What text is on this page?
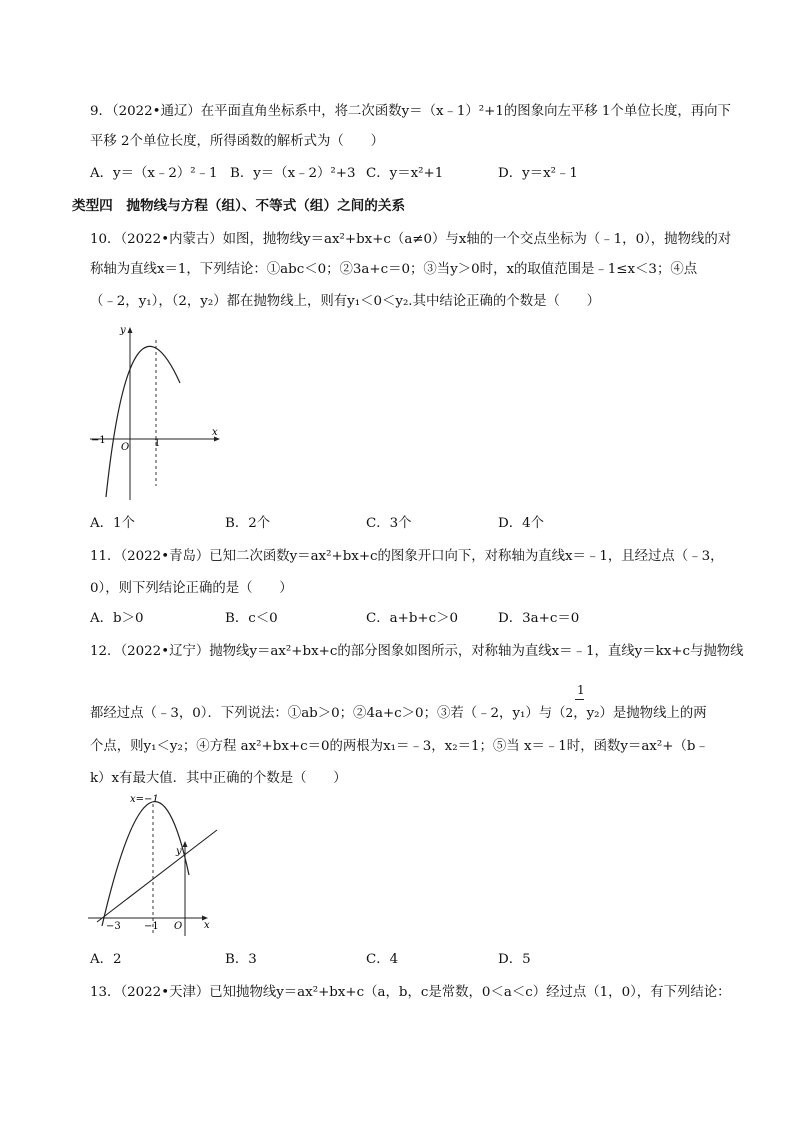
9．（2022•通辽）在平面直角坐标系中，将二次函数y＝（x﹣1）²+1的图象向左平移 1个单位长度，再向下
平移 2个单位长度，所得函数的解析式为（　　）
A．y＝（x﹣2）²﹣1 B．y＝（x﹣2）²+3 C．y＝x²+1	D．y＝x²﹣1
类型四　抛物线与方程（组）、不等式（组）之间的关系
10．（2022•内蒙古）如图，抛物线y＝ax²+bx+c（a≠0）与x轴的一个交点坐标为（﹣1，0），抛物线的对
称轴为直线x＝1，下列结论：①abc＜0；②3a+c＝0；③当y＞0时，x的取值范围是﹣1≤x＜3；④点
（﹣2，y₁），（2，y₂）都在抛物线上，则有y₁＜0＜y₂.其中结论正确的个数是（　　）
y
x
O
−1	1
A．1个	B．2个	C．3个	D．4个
11．（2022•青岛）已知二次函数y＝ax²+bx+c的图象开口向下，对称轴为直线x＝﹣1，且经过点（﹣3，
0），则下列结论正确的是（　　）
A．b＞0	B．c＜0	C．a+b+c＞0	D．3a+c＝0
12．（2022•辽宁）抛物线y＝ax²+bx+c的部分图象如图所示，对称轴为直线x＝﹣1，直线y＝kx+c与抛物线
1
都经过点（﹣3，0）．下列说法：①ab＞0；②4a+c＞0；③若（﹣2，y₁）与（2，y₂）是抛物线上的两
个点，则y₁＜y₂；④方程 ax²+bx+c＝0的两根为x₁＝﹣3，x₂＝1；⑤当 x＝﹣1时，函数y＝ax²+（b﹣
k）x有最大值．其中正确的个数是（　　）
x=−1
y
x
O
−3 −1
A．2	B．3	C．4	D．5
13．（2022•天津）已知抛物线y＝ax²+bx+c（a，b，c是常数，0＜a＜c）经过点（1，0），有下列结论：
